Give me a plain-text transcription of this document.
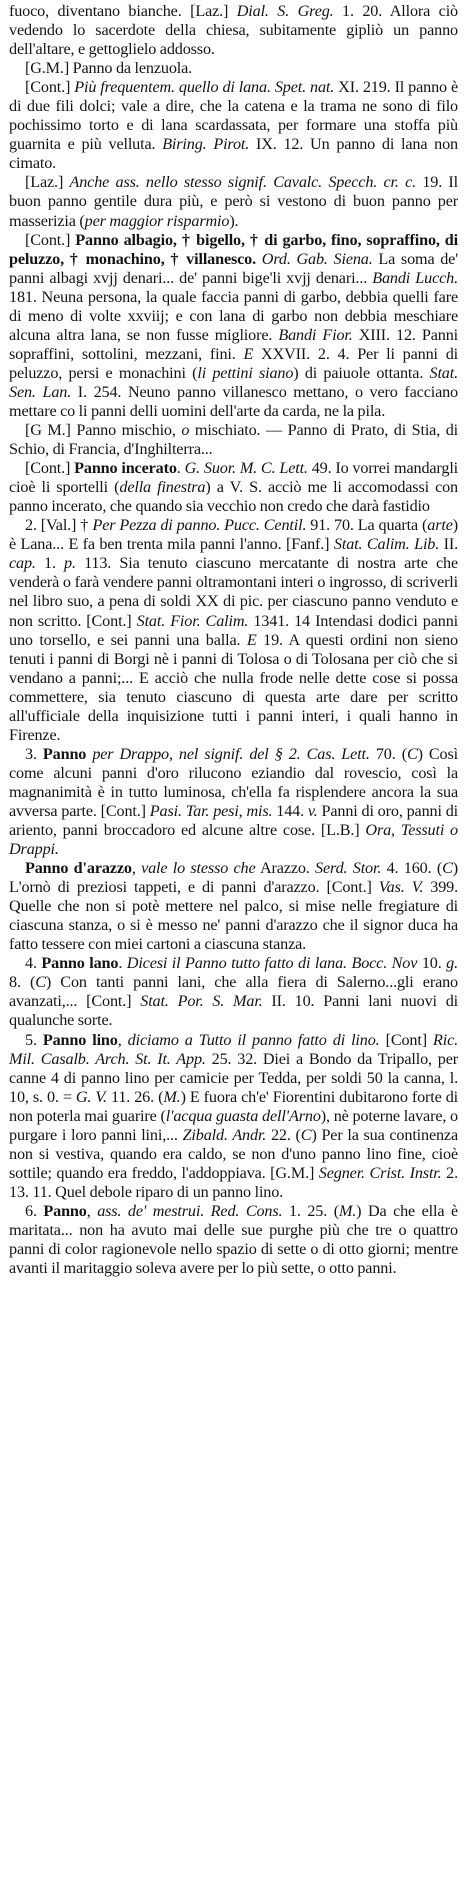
fuoco, diventano bianche. [Laz.] Dial. S. Greg. 1. 20. Allora ciò vedendo lo sacerdote della chiesa, subitamente gipliò un panno dell'altare, e gettoglielo addosso.

[G.M.] Panno da lenzuola.

[Cont.] Più frequentem. quello di lana. Spet. nat. XI. 219. Il panno è di due fili dolci; vale a dire, che la catena e la trama ne sono di filo pochissimo torto e di lana scardassata, per formare una stoffa più guarnita e più velluta. Biring. Pirot. IX. 12. Un panno di lana non cimato.

[Laz.] Anche ass. nello stesso signif. Cavalc. Specch. cr. c. 19. Il buon panno gentile dura più, e però si vestono di buon panno per masserizia (per maggior risparmio).

[Cont.] Panno albagio, † bigello, † di garbo, fino, sopraffino, di peluzzo, † monachino, † villanesco. Ord. Gab. Siena. La soma de' panni albagi xvjj denari... de' panni bige'li xvjj denari... Bandi Lucch. 181. Neuna persona, la quale faccia panni di garbo, debbia quelli fare di meno di volte xxviij; e con lana di garbo non debbia meschiare alcuna altra lana, se non fusse migliore. Bandi Fior. XIII. 12. Panni sopraffini, sottolini, mezzani, fini. E XXVII. 2. 4. Per li panni di peluzzo, persi e monachini (li pettini siano) di paiuole ottanta. Stat. Sen. Lan. I. 254. Neuno panno villanesco mettano, o vero facciano mettare co li panni delli uomini dell'arte da carda, ne la pila.

[G M.] Panno mischio, o mischiato. — Panno di Prato, di Stia, di Schio, di Francia, d'Inghilterra...

[Cont.] Panno incerato. G. Suor. M. C. Lett. 49. Io vorrei mandargli cioè li sportelli (della finestra) a V. S. acciò me li accomodassi con panno incerato, che quando sia vecchio non credo che darà fastidio

2. [Val.] † Per Pezza di panno. Pucc. Centil. 91. 70. La quarta (arte) è Lana... E fa ben trenta mila panni l'anno. [Fanf.] Stat. Calim. Lib. II. cap. 1. p. 113. Sia tenuto ciascuno mercatante di nostra arte che venderà o farà vendere panni oltramontani interi o ingrosso, di scriverli nel libro suo, a pena di soldi XX di pic. per ciascuno panno venduto e non scritto. [Cont.] Stat. Fior. Calim. 1341. 14 Intendasi dodici panni uno torsello, e sei panni una balla. E 19. A questi ordini non sieno tenuti i panni di Borgi nè i panni di Tolosa o di Tolosana per ciò che si vendano a panni;... E acciò che nulla frode nelle dette cose si possa commettere, sia tenuto ciascuno di questa arte dare per scritto all'ufficiale della inquisizione tutti i panni interi, i quali hanno in Firenze.

3. Panno per Drappo, nel signif. del § 2. Cas. Lett. 70. (C) Così come alcuni panni d'oro rilucono eziandio dal rovescio, così la magnanimità è in tutto luminosa, ch'ella fa risplendere ancora la sua avversa parte. [Cont.] Pasi. Tar. pesi, mis. 144. v. Panni di oro, panni di ariento, panni broccadoro ed alcune altre cose. [L.B.] Ora, Tessuti o Drappi.

Panno d'arazzo, vale lo stesso che Arazzo. Serd. Stor. 4. 160. (C) L'ornò di preziosi tappeti, e di panni d'arazzo. [Cont.] Vas. V. 399. Quelle che non si potè mettere nel palco, si mise nelle fregiature di ciascuna stanza, o si è messo ne' panni d'arazzo che il signor duca ha fatto tessere con miei cartoni a ciascuna stanza.

4. Panno lano. Dicesi il Panno tutto fatto di lana. Bocc. Nov 10. g. 8. (C) Con tanti panni lani, che alla fiera di Salerno...gli erano avanzati,... [Cont.] Stat. Por. S. Mar. II. 10. Panni lani nuovi di qualunche sorte.

5. Panno lino, diciamo a Tutto il panno fatto di lino. [Cont] Ric. Mil. Casalb. Arch. St. It. App. 25. 32. Diei a Bondo da Tripallo, per canne 4 di panno lino per camicie per Tedda, per soldi 50 la canna, l. 10, s. 0. = G. V. 11. 26. (M.) E fuora ch'e' Fiorentini dubitarono forte di non poterla mai guarire (l'acqua guasta dell'Arno), nè poterne lavare, o purgare i loro panni lini,... Zibald. Andr. 22. (C) Per la sua continenza non si vestiva, quando era caldo, se non d'uno panno lino fine, cioè sottile; quando era freddo, l'addoppiava. [G.M.] Segner. Crist. Instr. 2. 13. 11. Quel debole riparo di un panno lino.

6. Panno, ass. de' mestrui. Red. Cons. 1. 25. (M.) Da che ella è maritata... non ha avuto mai delle sue purghe più che tre o quattro panni di color ragionevole nello spazio di sette o di otto giorni; mentre avanti il maritaggio soleva avere per lo più sette, o otto panni.
